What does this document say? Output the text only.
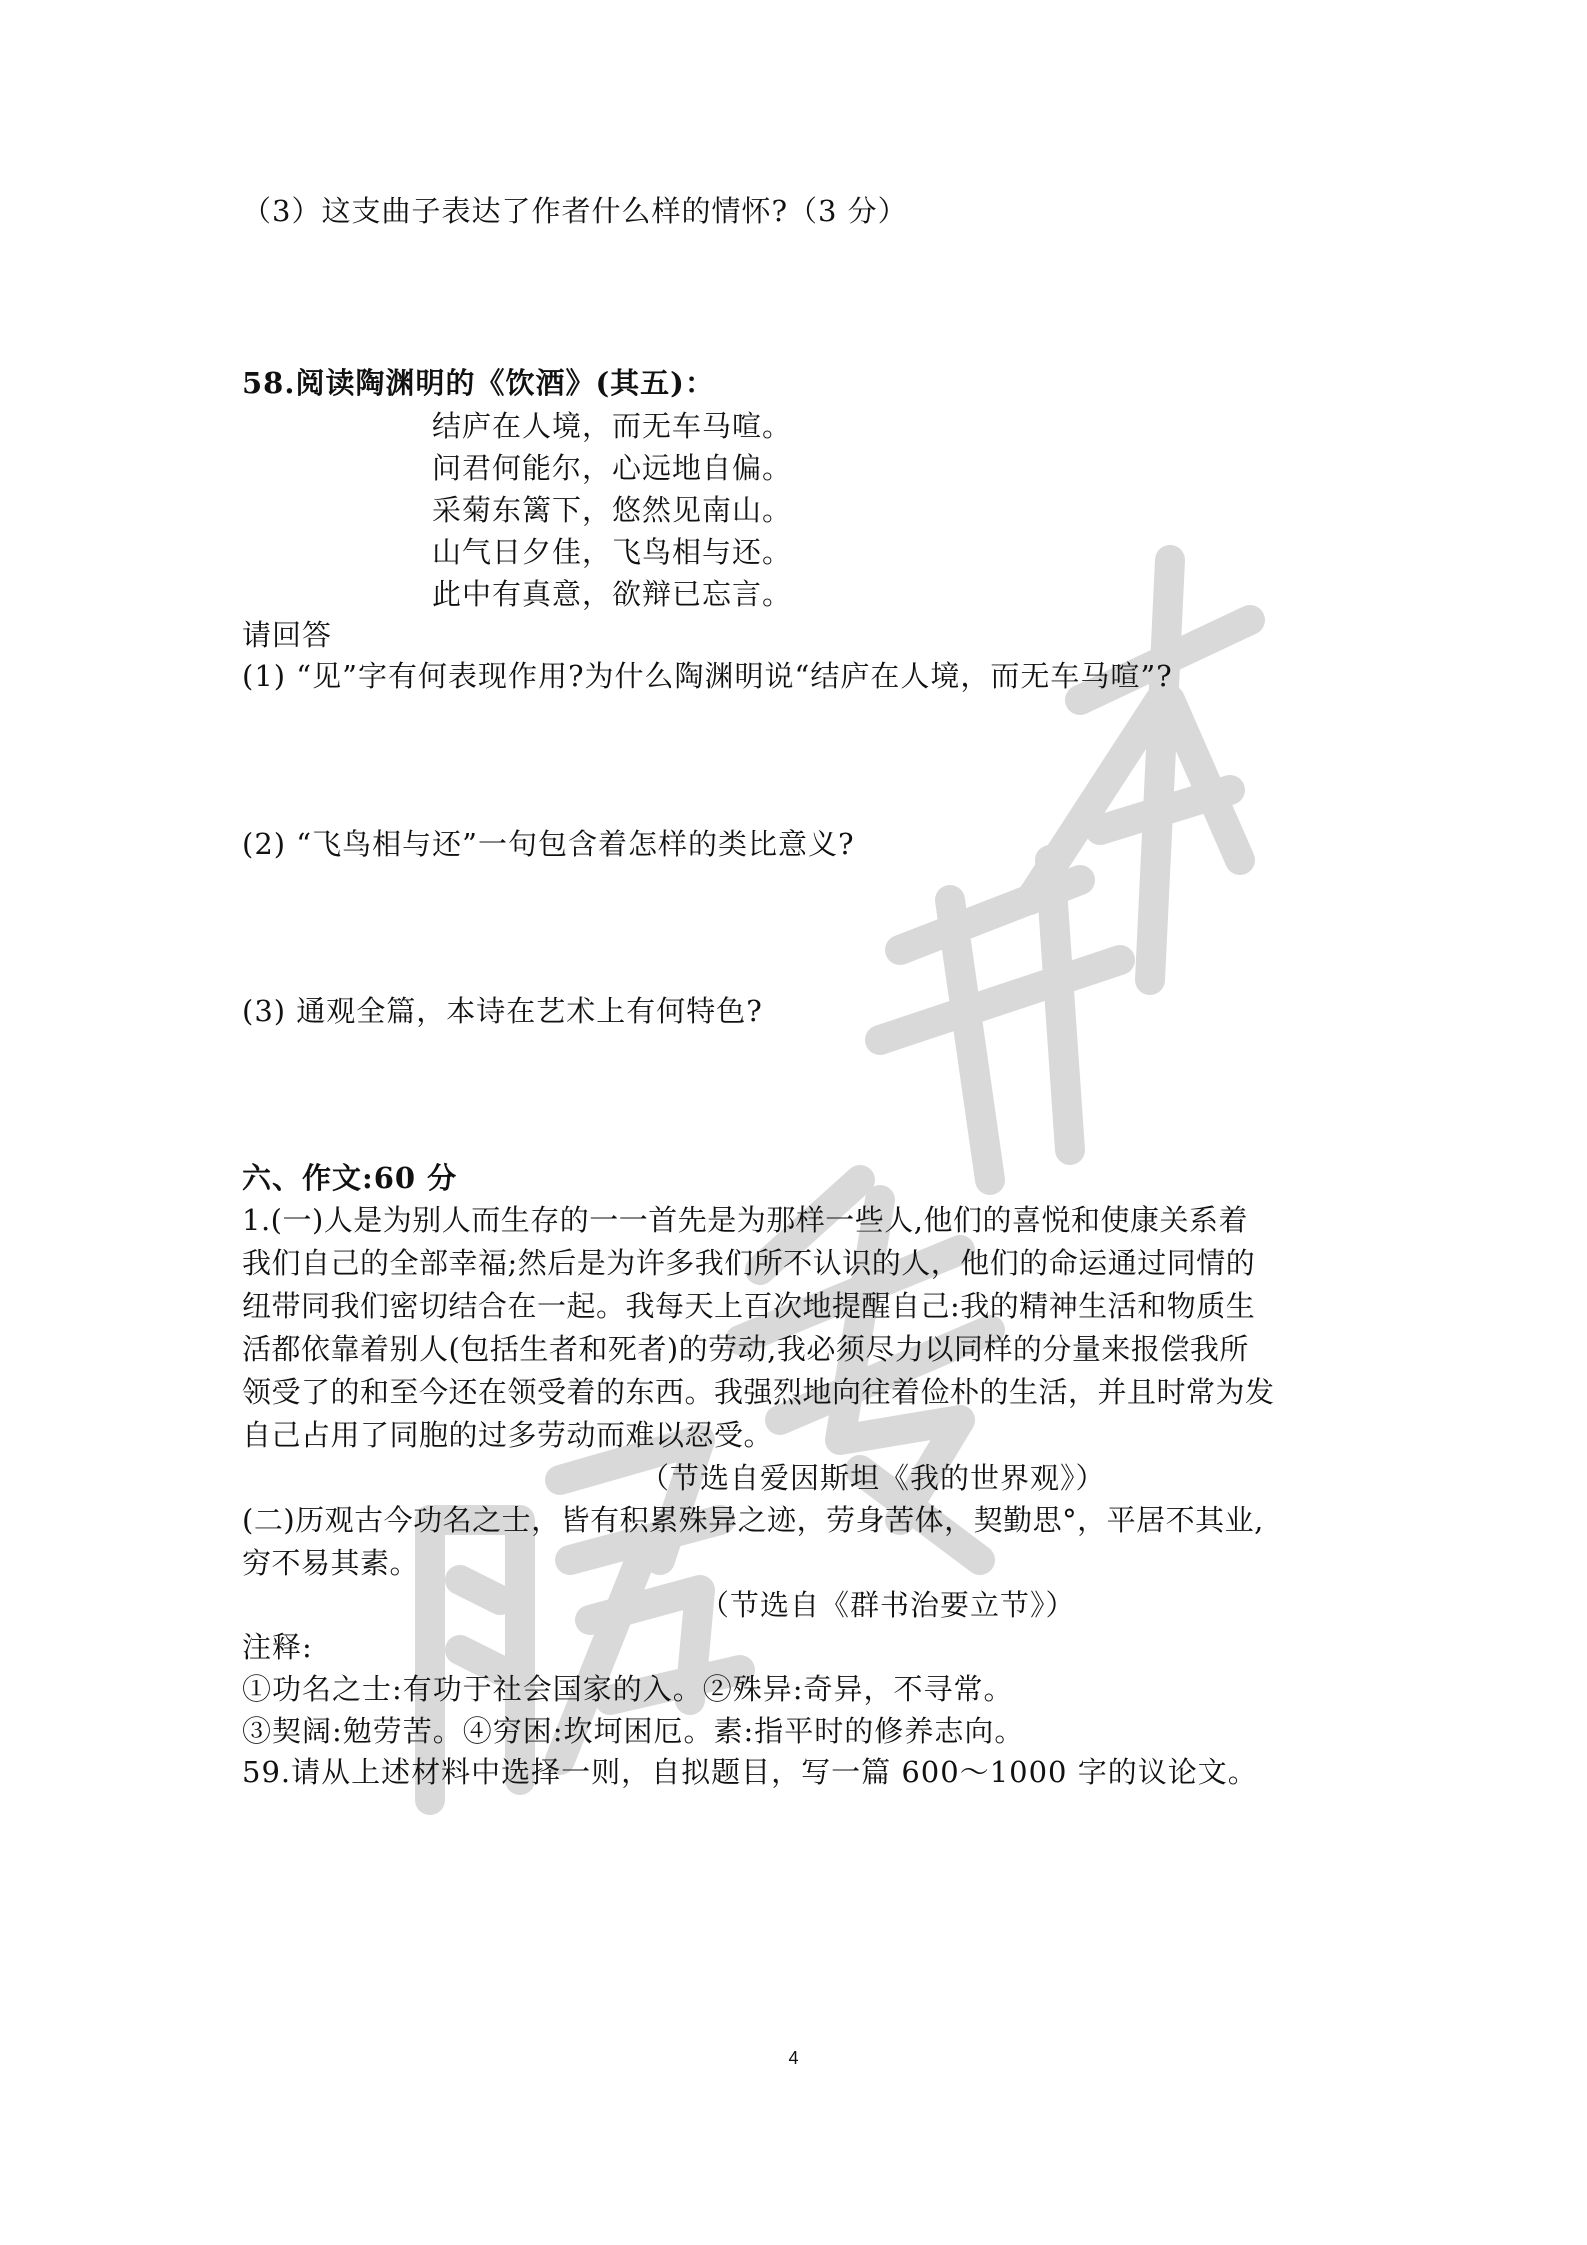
（3）这支曲子表达了作者什么样的情怀?（3 分）
58.阅读陶渊明的《饮酒》(其五)：
结庐在人境，而无车马喧。
问君何能尔，心远地自偏。
采菊东篱下，悠然见南山。
山气日夕佳，飞鸟相与还。
此中有真意，欲辩已忘言。
请回答
(1) “见”字有何表现作用?为什么陶渊明说“结庐在人境，而无车马喧”?
(2) “飞鸟相与还”一句包含着怎样的类比意义?
(3) 通观全篇，本诗在艺术上有何特色?
六、作文:60 分
1.(一)人是为别人而生存的一一首先是为那样一些人,他们的喜悦和使康关系着
我们自己的全部幸福;然后是为许多我们所不认识的人，他们的命运通过同情的
纽带同我们密切结合在一起。我每天上百次地提醒自己:我的精神生活和物质生
活都依靠着别人(包括生者和死者)的劳动,我必须尽力以同样的分量来报偿我所
领受了的和至今还在领受着的东西。我强烈地向往着俭朴的生活，并且时常为发
自己占用了同胞的过多劳动而难以忍受。
（节选自爱因斯坦《我的世界观》）
(二)历观古今功名之士，皆有积累殊异之迹，劳身苦体，契勤思°，平居不其业,
穷不易其素。
（节选自《群书治要立节》）
注释:
①功名之士:有功于社会国家的入。②殊异:奇异，不寻常。
③契阔:勉劳苦。④穷困:坎坷困厄。素:指平时的修养志向。
59.请从上述材料中选择一则，自拟题目，写一篇 600～1000 字的议论文。
4
